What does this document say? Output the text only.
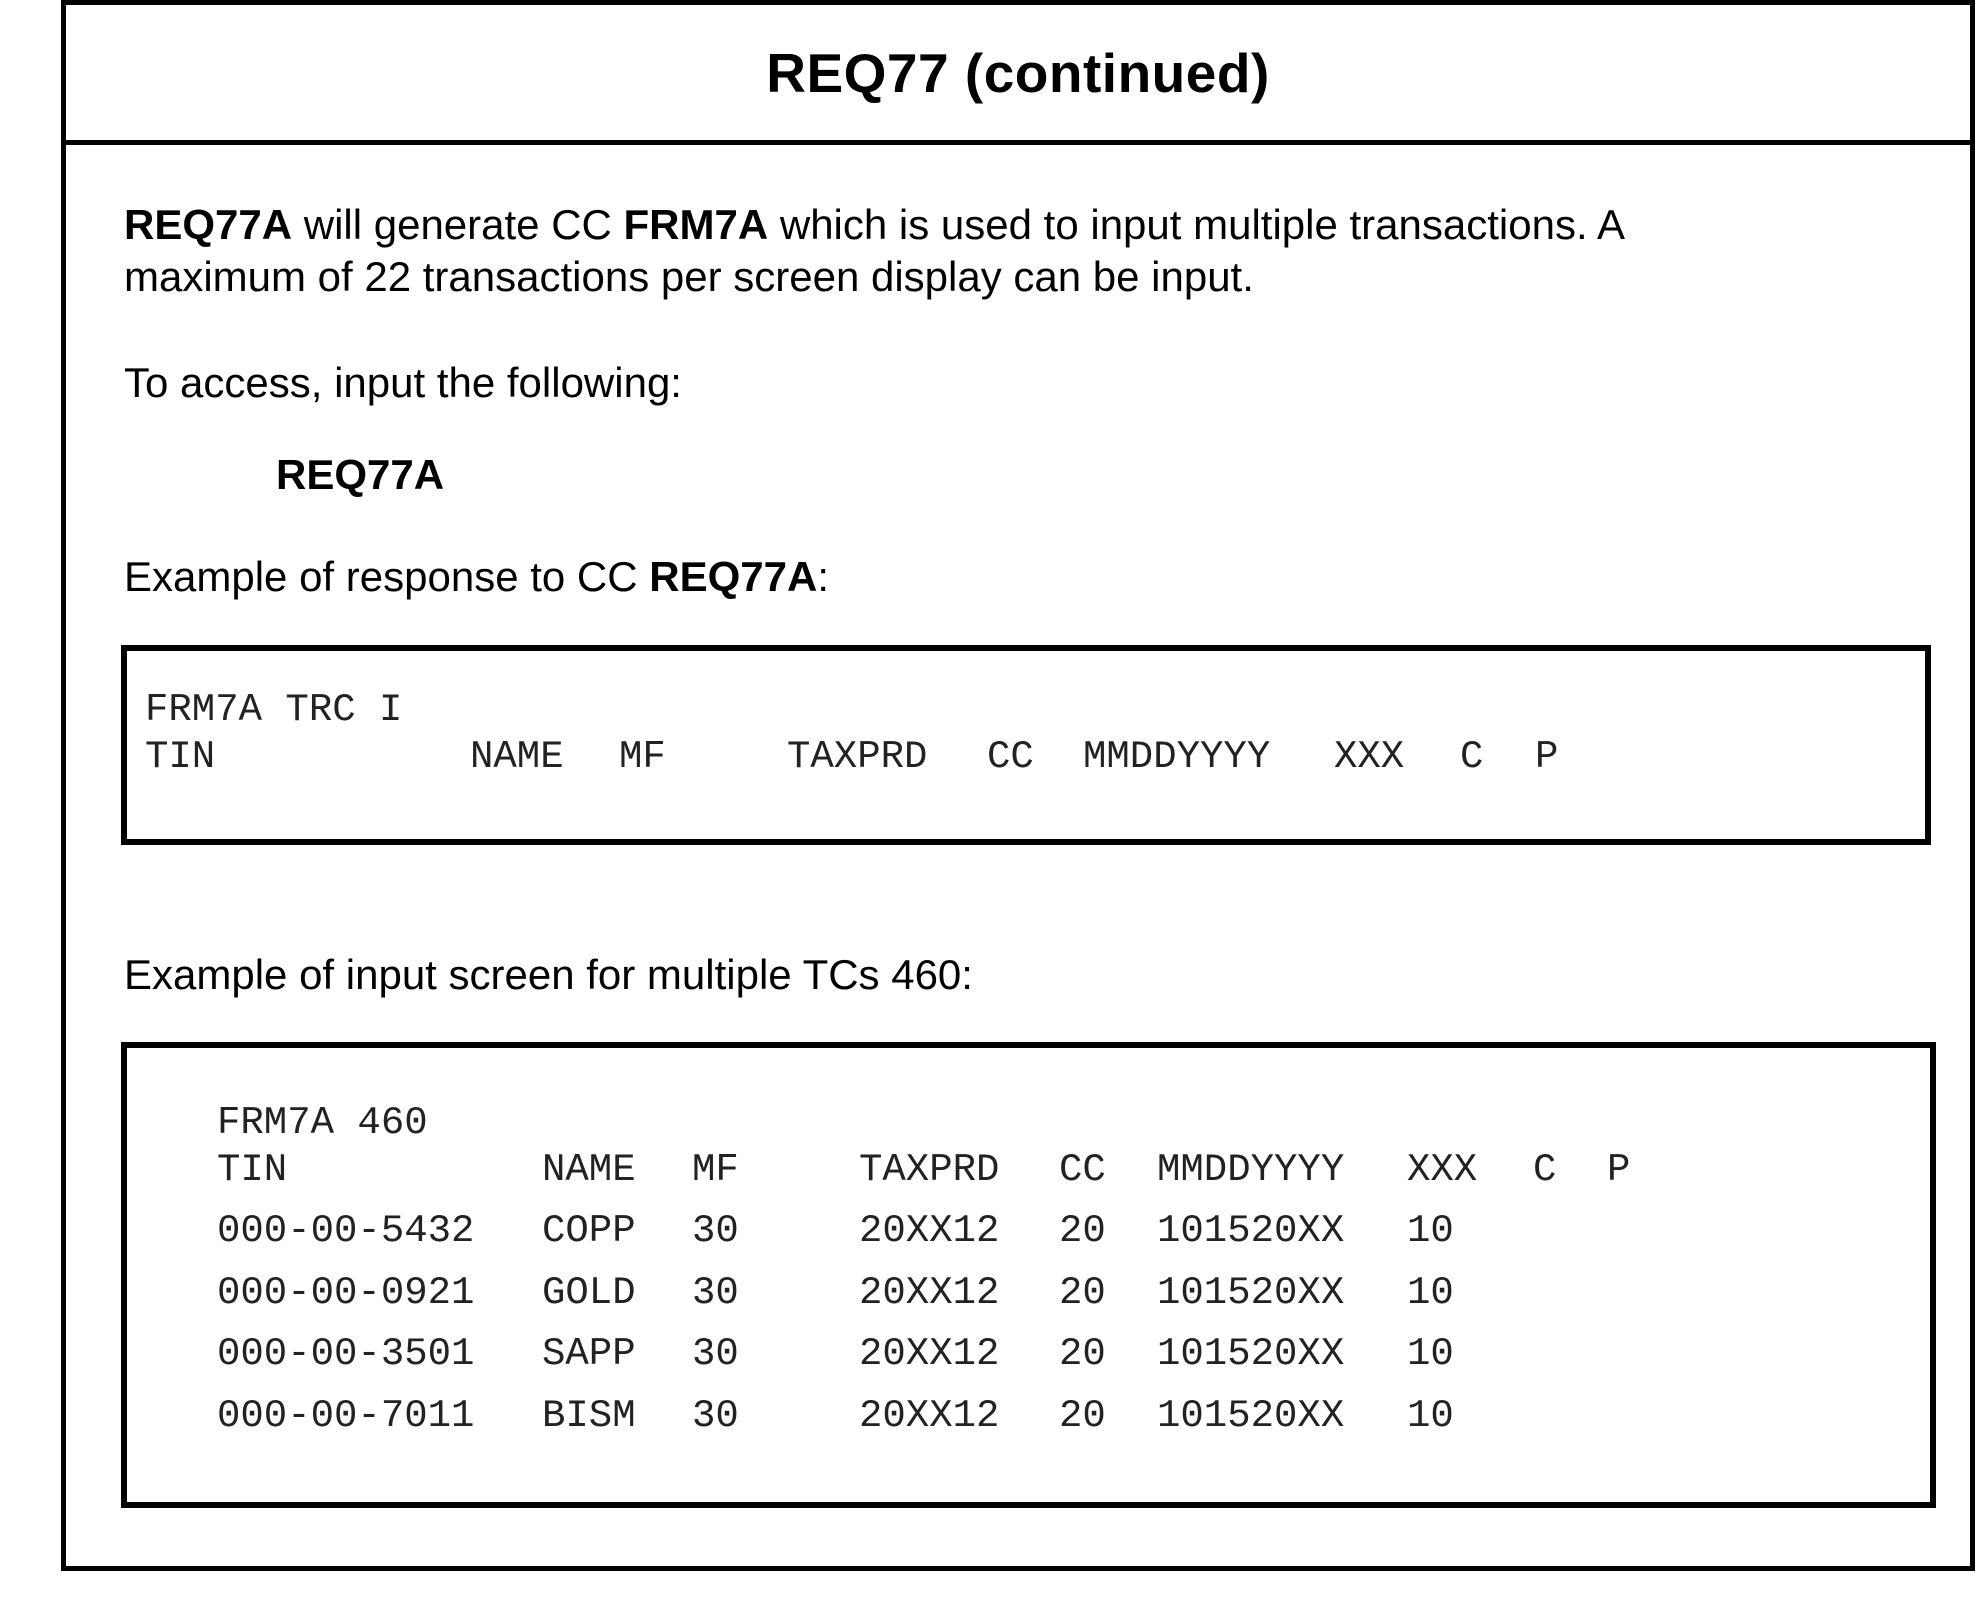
REQ77 (continued)
REQ77A will generate CC FRM7A which is used to input multiple transactions. A
maximum of 22 transactions per screen display can be input.
To access, input the following:
REQ77A
Example of response to CC REQ77A:
FRM7A TRC I
TIN	NAME MF	TAXPRD CC MMDDYYYY XXX C P
Example of input screen for multiple TCs 460:
FRM7A 460
TIN	NAME MF	TAXPRD CC MMDDYYYY XXX C P
000-00-5432 COPP 30	20XX12 20 101520XX 10
000-00-0921 GOLD 30	20XX12 20 101520XX 10
000-00-3501 SAPP 30	20XX12 20 101520XX 10
000-00-7011 BISM 30	20XX12 20 101520XX 10
